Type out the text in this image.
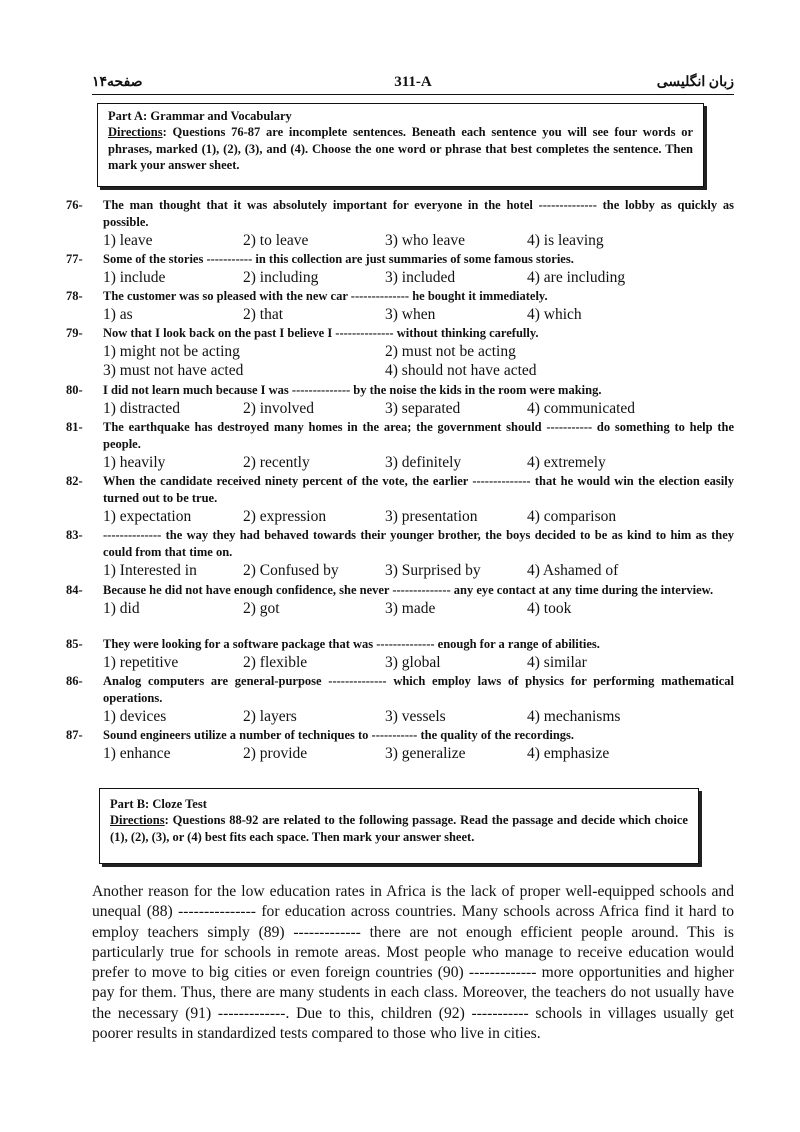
صفحه۱۴	311-A	زبان انگلیسی
Part A: Grammar and Vocabulary
Directions: Questions 76-87 are incomplete sentences. Beneath each sentence you will see four words or phrases, marked (1), (2), (3), and (4). Choose the one word or phrase that best completes the sentence. Then mark your answer sheet.
76- The man thought that it was absolutely important for everyone in the hotel -------------- the lobby as quickly as possible.
1) leave	2) to leave	3) who leave	4) is leaving
77- Some of the stories ----------- in this collection are just summaries of some famous stories.
1) include	2) including	3) included	4) are including
78- The customer was so pleased with the new car -------------- he bought it immediately.
1) as	2) that	3) when	4) which
79- Now that I look back on the past I believe I -------------- without thinking carefully.
1) might not be acting	2) must not be acting
3) must not have acted	4) should not have acted
80- I did not learn much because I was -------------- by the noise the kids in the room were making.
1) distracted	2) involved	3) separated	4) communicated
81- The earthquake has destroyed many homes in the area; the government should ----------- do something to help the people.
1) heavily	2) recently	3) definitely	4) extremely
82- When the candidate received ninety percent of the vote, the earlier -------------- that he would win the election easily turned out to be true.
1) expectation	2) expression	3) presentation	4) comparison
83- -------------- the way they had behaved towards their younger brother, the boys decided to be as kind to him as they could from that time on.
1) Interested in	2) Confused by	3) Surprised by	4) Ashamed of
84- Because he did not have enough confidence, she never -------------- any eye contact at any time during the interview.
1) did	2) got	3) made	4) took
85- They were looking for a software package that was -------------- enough for a range of abilities.
1) repetitive	2) flexible	3) global	4) similar
86- Analog computers are general-purpose -------------- which employ laws of physics for performing mathematical operations.
1) devices	2) layers	3) vessels	4) mechanisms
87- Sound engineers utilize a number of techniques to ----------- the quality of the recordings.
1) enhance	2) provide	3) generalize	4) emphasize
Part B: Cloze Test
Directions: Questions 88-92 are related to the following passage. Read the passage and decide which choice (1), (2), (3), or (4) best fits each space. Then mark your answer sheet.
Another reason for the low education rates in Africa is the lack of proper well-equipped schools and unequal (88) --------------- for education across countries. Many schools across Africa find it hard to employ teachers simply (89) ------------- there are not enough efficient people around. This is particularly true for schools in remote areas. Most people who manage to receive education would prefer to move to big cities or even foreign countries (90) ------------- more opportunities and higher pay for them. Thus, there are many students in each class. Moreover, the teachers do not usually have the necessary (91) -------------. Due to this, children (92) ----------- schools in villages usually get poorer results in standardized tests compared to those who live in cities.
